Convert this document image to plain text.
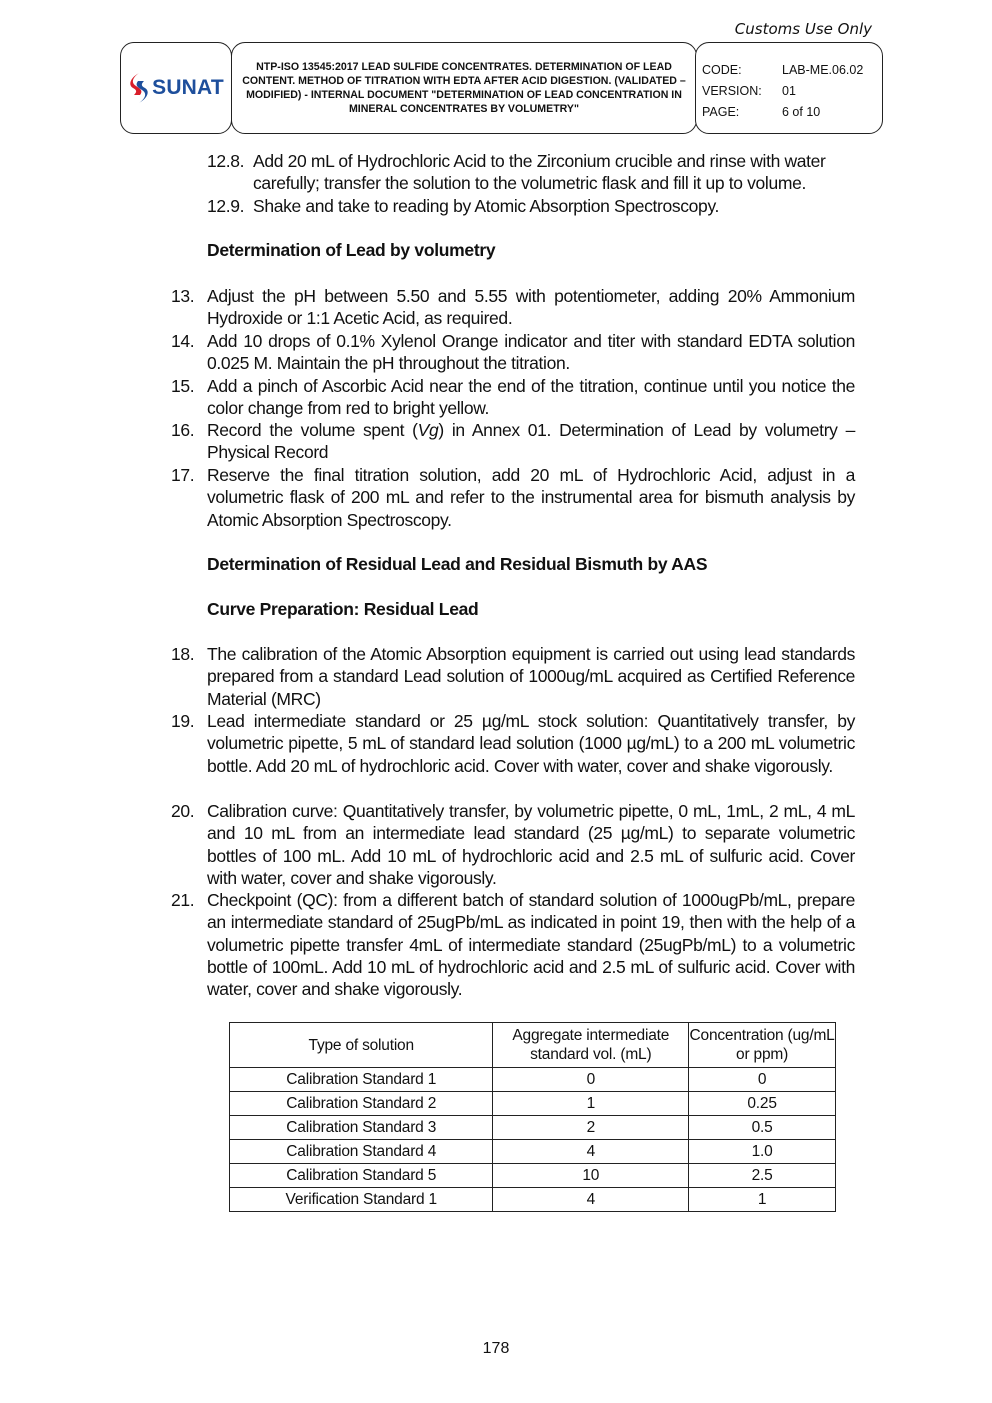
Customs Use Only
SUNAT
NTP-ISO 13545:2017 LEAD SULFIDE CONCENTRATES. DETERMINATION OF LEAD CONTENT. METHOD OF TITRATION WITH EDTA AFTER ACID DIGESTION. (VALIDATED – MODIFIED) - INTERNAL DOCUMENT "DETERMINATION OF LEAD CONCENTRATION IN MINERAL CONCENTRATES BY VOLUMETRY"
CODE:	LAB-ME.06.02
VERSION:	01
PAGE:	6 of 10
12.8. Add 20 mL of Hydrochloric Acid to the Zirconium crucible and rinse with water carefully; transfer the solution to the volumetric flask and fill it up to volume.
12.9. Shake and take to reading by Atomic Absorption Spectroscopy.
Determination of Lead by volumetry
13. Adjust the pH between 5.50 and 5.55 with potentiometer, adding 20% Ammonium Hydroxide or 1:1 Acetic Acid, as required.
14. Add 10 drops of 0.1% Xylenol Orange indicator and titer with standard EDTA solution 0.025 M. Maintain the pH throughout the titration.
15. Add a pinch of Ascorbic Acid near the end of the titration, continue until you notice the color change from red to bright yellow.
16. Record the volume spent (Vg) in Annex 01. Determination of Lead by volumetry – Physical Record
17. Reserve the final titration solution, add 20 mL of Hydrochloric Acid, adjust in a volumetric flask of 200 mL and refer to the instrumental area for bismuth analysis by Atomic Absorption Spectroscopy.
Determination of Residual Lead and Residual Bismuth by AAS
Curve Preparation: Residual Lead
18. The calibration of the Atomic Absorption equipment is carried out using lead standards prepared from a standard Lead solution of 1000ug/mL acquired as Certified Reference Material (MRC)
19. Lead intermediate standard or 25 µg/mL stock solution: Quantitatively transfer, by volumetric pipette, 5 mL of standard lead solution (1000 µg/mL) to a 200 mL volumetric bottle. Add 20 mL of hydrochloric acid. Cover with water, cover and shake vigorously.
20. Calibration curve: Quantitatively transfer, by volumetric pipette, 0 mL, 1mL, 2 mL, 4 mL and 10 mL from an intermediate lead standard (25 µg/mL) to separate volumetric bottles of 100 mL. Add 10 mL of hydrochloric acid and 2.5 mL of sulfuric acid. Cover with water, cover and shake vigorously.
21. Checkpoint (QC): from a different batch of standard solution of 1000ugPb/mL, prepare an intermediate standard of 25ugPb/mL as indicated in point 19, then with the help of a volumetric pipette transfer 4mL of intermediate standard (25ugPb/mL) to a volumetric bottle of 100mL. Add 10 mL of hydrochloric acid and 2.5 mL of sulfuric acid. Cover with water, cover and shake vigorously.
Type of solution	Aggregate intermediate standard vol. (mL)	Concentration (ug/mL or ppm)
Calibration Standard 1	0	0
Calibration Standard 2	1	0.25
Calibration Standard 3	2	0.5
Calibration Standard 4	4	1.0
Calibration Standard 5	10	2.5
Verification Standard 1	4	1
178
